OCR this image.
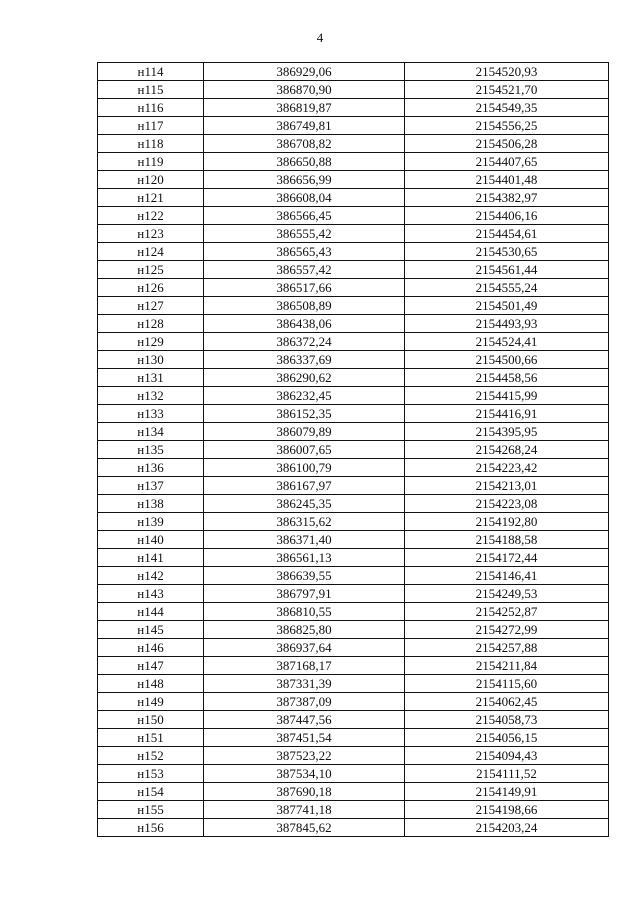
4
н114	386929,06	2154520,93
н115	386870,90	2154521,70
н116	386819,87	2154549,35
н117	386749,81	2154556,25
н118	386708,82	2154506,28
н119	386650,88	2154407,65
н120	386656,99	2154401,48
н121	386608,04	2154382,97
н122	386566,45	2154406,16
н123	386555,42	2154454,61
н124	386565,43	2154530,65
н125	386557,42	2154561,44
н126	386517,66	2154555,24
н127	386508,89	2154501,49
н128	386438,06	2154493,93
н129	386372,24	2154524,41
н130	386337,69	2154500,66
н131	386290,62	2154458,56
н132	386232,45	2154415,99
н133	386152,35	2154416,91
н134	386079,89	2154395,95
н135	386007,65	2154268,24
н136	386100,79	2154223,42
н137	386167,97	2154213,01
н138	386245,35	2154223,08
н139	386315,62	2154192,80
н140	386371,40	2154188,58
н141	386561,13	2154172,44
н142	386639,55	2154146,41
н143	386797,91	2154249,53
н144	386810,55	2154252,87
н145	386825,80	2154272,99
н146	386937,64	2154257,88
н147	387168,17	2154211,84
н148	387331,39	2154115,60
н149	387387,09	2154062,45
н150	387447,56	2154058,73
н151	387451,54	2154056,15
н152	387523,22	2154094,43
н153	387534,10	2154111,52
н154	387690,18	2154149,91
н155	387741,18	2154198,66
н156	387845,62	2154203,24
